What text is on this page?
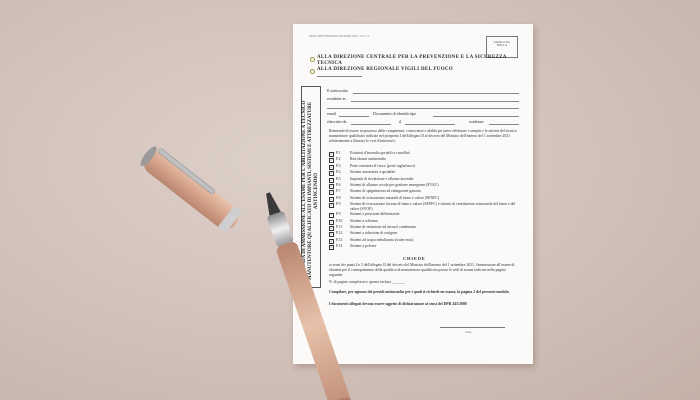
MOD. PREVENZIONE INCENDI 2021 - Ed. 3.1
MARCA DA BOLLO
ALLA DIREZIONE CENTRALE PER LA PREVENZIONE E LA SICUREZZA TECNICA
ALLA DIREZIONE REGIONALE VIGILI DEL FUOCO
DOMANDA DI AMMISSIONE ALL'ESAME PER L'ABILITAZIONE A TECNICO MANUTENTORE QUALIFICATO DI IMPIANTI, SISTEMI E ATTREZZATURE ANTINCENDIO
Il sottoscritto
residente in
email	Documento di identità tipo
rilasciato da	il	scadenza
Ritenendo di essere in possesso delle competenze, conoscenze e abilità per poter effettuare i compiti e le attività del tecnico manutentore qualificato indicate nel prospetto I dell'allegato II al decreto del Ministro dell'interno del 1 settembre 2021 relativamente a (barrare le voci d'interesse):
✓ P.1 Estintori d'incendio portatili e carrellati
✓ P.2 Reti idranti antincendio
✓ P.3 Porte resistenti al fuoco (porte tagliafuoco)
✓ P.4 Sistemi automatici a sprinkler
✓ P.5 Impianti di rivelazione e allarme incendio
✓ P.6 Sistemi di allarme vocale per gestione emergenze (EVAC)
✓ P.7 Sistemi di spegnimento ad estinguente gassoso
✓ P.8 Sistemi di evacuazione naturale di fumo e calore (SENFC)
✓ P.9 Sistemi di evacuazione forzata di fumo e calore (SEFFC) e sistemi di ventilazione orizzontale del fumo e del calore (SVOF)
✓ P.9 Sistemi a pressione differenziale
✓ P.10 Sistemi a schiuma
✓ P.11 Sistemi di estinzione ad aerosol condensato
✓ P.12 Sistemi a riduzione di ossigeno
✓ P.13 Sistemi ad acqua nebulizzata (water mist)
✓ P.14 Sistemi a polvere
CHIEDE
ai sensi dei punti 4 e 5 dell'allegato II del decreto del Ministro dell'interno del 1 settembre 2021, l'ammissione all'esame di idoneità per il conseguimento della qualifica di manutentore qualificato presso le sedi di esame indicate nella pagina seguente.
N. di pagine complessive, questa inclusa _______
Compilare, per ognuno dei presidi antincendio per i quali si richiede un esame, la pagina 2 del presente modulo.
I documenti allegati devono essere oggetto di dichiarazione ai sensi del DPR 445/2000
firma
